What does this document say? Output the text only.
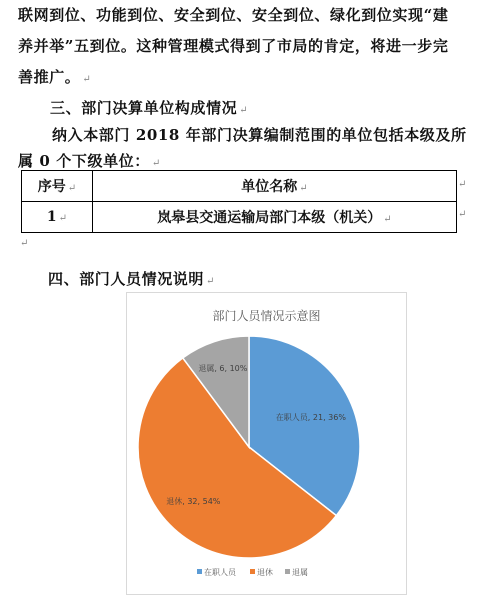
联网到位、功能到位、安全到位、安全到位、绿化到位实现“建
养并举”五到位。这种管理模式得到了市局的肯定，将进一步完
善推广。 ↵
三、部门决算单位构成情况 ↵
纳入本部门 2018 年部门决算编制范围的单位包括本级及所
属 0 个下级单位： ↵
序号 ↵	单位名称 ↵
1 ↵	岚皋县交通运输局部门本级（机关） ↵
↵
↵
↵
四、部门人员情况说明 ↵
部门人员情况示意图
在职人员, 21, 36%
退休, 32, 54%
退属, 6, 10%
在职人员	退休 退属
